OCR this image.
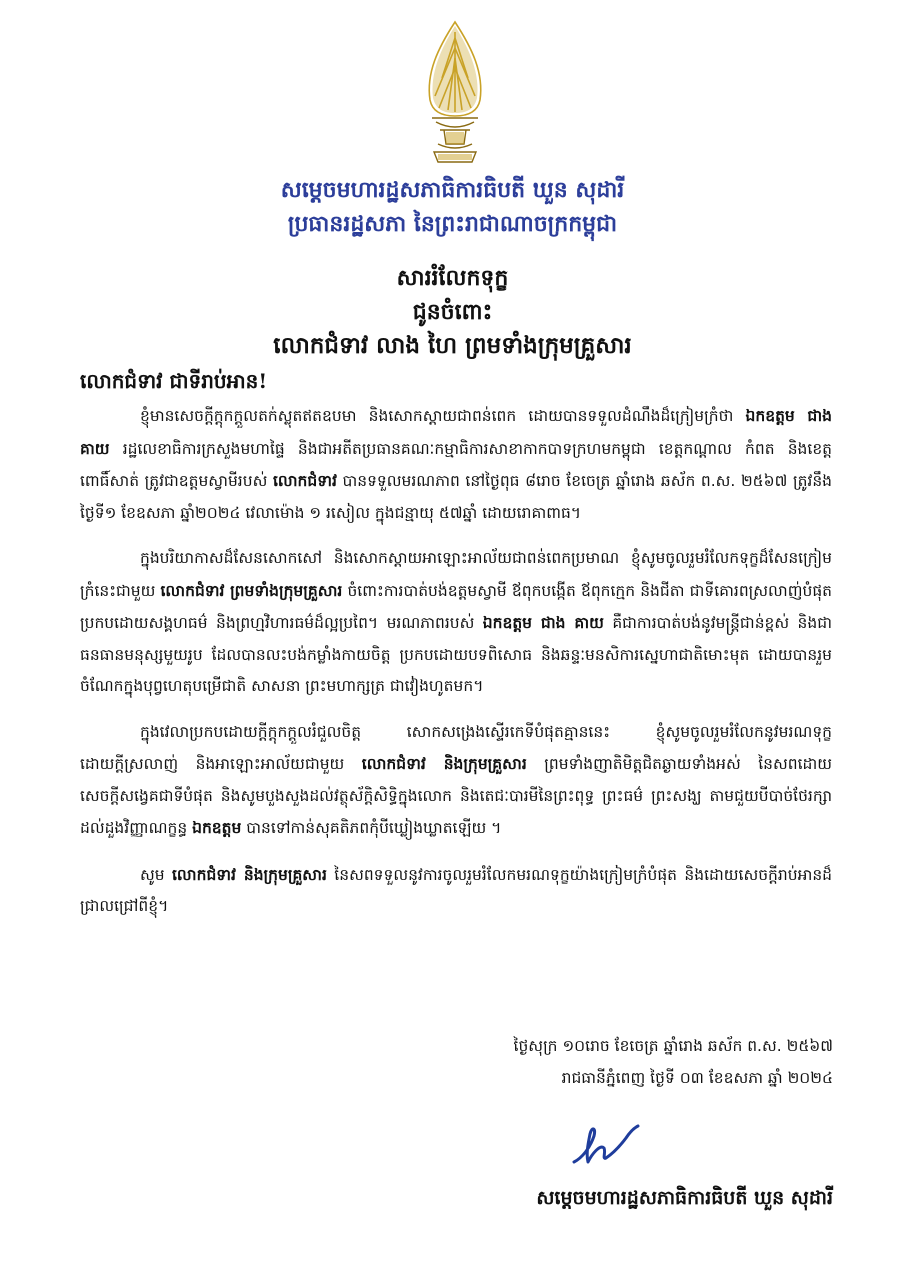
សម្តេចមហារដ្ឋសភាធិការធិបតី ឃួន សុដារី
ប្រធានរដ្ឋសភា នៃព្រះរាជាណាចក្រកម្ពុជា
សាររំលែកទុក្ខ
ជូនចំពោះ
លោកជំទាវ លាង ហៃ ព្រមទាំងក្រុមគ្រួសារ
លោកជំទាវ ជាទីរាប់អាន!

ខ្ញុំមានសេចក្តីក្តុកក្តួលតក់ស្លុតឥតឧបមា និងសោកស្តាយជាពន់ពេក ដោយបានទទួលដំណឹងដ៏ក្រៀមក្រំថា ឯកឧត្តម ជាង គាយ រដ្ឋលេខាធិការក្រសួងមហាផ្ទៃ និងជាអតីតប្រធានគណៈកម្មាធិការសាខាកាកបាទក្រហមកម្ពុជា ខេត្តកណ្តាល កំពត និងខេត្តពោធិ៍សាត់ ត្រូវជាឧត្តមស្វាមីរបស់ លោកជំទាវ បានទទួលមរណភាព នៅថ្ងៃពុធ ៨រោច ខែចេត្រ ឆ្នាំរោង ឆស័ក ព.ស. ២៥៦៧ ត្រូវនឹងថ្ងៃទី១ ខែឧសភា ឆ្នាំ២០២៤ វេលាម៉ោង ១ រសៀល ក្នុងជន្មាយុ ៥៧ឆ្នាំ ដោយរោគាពាធ។

ក្នុងបរិយាកាសដ៏សែនសោកសៅ និងសោកស្តាយអាឡោះអាល័យជាពន់ពេកប្រមាណ ខ្ញុំសូមចូលរួមរំលែកទុក្ខដ៏សែនក្រៀមក្រំនេះជាមួយ លោកជំទាវ ព្រមទាំងក្រុមគ្រួសារ ចំពោះការបាត់បង់ឧត្តមស្វាមី ឪពុកបង្កើត ឪពុកក្មេក និងជីតា ជាទីគោរពស្រលាញ់បំផុត ប្រកបដោយសង្គហធម៌ និងព្រហ្មវិហារធម៌ដ៏ល្អប្រពៃ។ មរណភាពរបស់ ឯកឧត្តម ជាង គាយ គឺជាការបាត់បង់នូវមន្ត្រីជាន់ខ្ពស់ និងជាធនធានមនុស្សមួយរូប ដែលបានលះបង់កម្លាំងកាយចិត្ត ប្រកបដោយបទពិសោធ និងឆន្ទៈមនសិការស្នេហាជាតិមោះមុត ដោយបានរួមចំណែកក្នុងបុព្វហេតុបម្រើជាតិ សាសនា ព្រះមហាក្សត្រ ជាវៀងហូតមក។

ក្នុងវេលាប្រកបដោយក្តីក្តុកក្តួលរំជួលចិត្ត សោកសង្រេងស្ទើរកេទីបំផុតគ្មាននេះ ខ្ញុំសូមចូលរួមរំលែកនូវមរណទុក្ខដោយក្តីស្រលាញ់ និងអាឡោះអាល័យជាមួយ លោកជំទាវ និងក្រុមគ្រួសារ ព្រមទាំងញាតិមិត្តជិតឆ្ងាយទាំងអស់ នៃសពដោយសេចក្តីសង្វេគជាទីបំផុត និងសូមបួងសួងដល់វត្ថុស័ក្តិសិទ្ធិក្នុងលោក និងតេជៈបារមីនៃព្រះពុទ្ធ ព្រះធម៌ ព្រះសង្ឃ តាមជួយបីបាច់ថែរក្សាដល់ដួងវិញ្ញាណក្ខន្ធ ឯកឧត្តម បានទៅកាន់សុគតិភពកុំបីឃ្លៀងឃ្លាតឡើយ ។

សូម លោកជំទាវ និងក្រុមគ្រួសារ នៃសពទទួលនូវការចូលរួមរំលែកមរណទុក្ខយ៉ាងក្រៀមក្រំបំផុត និងដោយសេចក្តីរាប់អានដ៏ជ្រាលជ្រៅពីខ្ញុំ។

ថ្ងៃសុក្រ ១០រោច ខែចេត្រ ឆ្នាំរោង ឆស័ក ព.ស. ២៥៦៧
រាជធានីភ្នំពេញ ថ្ងៃទី ០៣ ខែឧសភា ឆ្នាំ ២០២៤
សម្តេចមហារដ្ឋសភាធិការធិបតី ឃួន សុដារី
